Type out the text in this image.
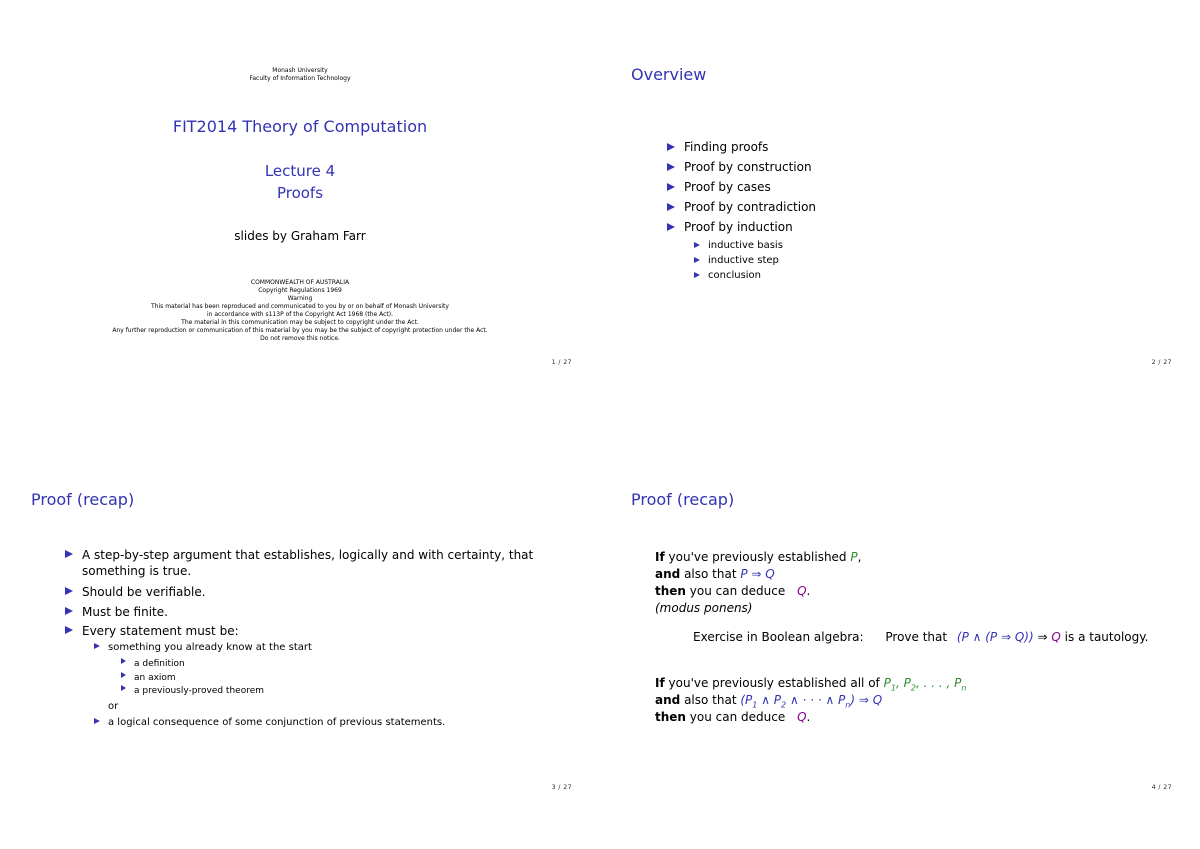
Monash University
Faculty of Information Technology
FIT2014 Theory of Computation
Lecture 4
Proofs
slides by Graham Farr
COMMONWEALTH OF AUSTRALIA
Copyright Regulations 1969
Warning
This material has been reproduced and communicated to you by or on behalf of Monash University
in accordance with s113P of the Copyright Act 1968 (the Act).
The material in this communication may be subject to copyright under the Act.
Any further reproduction or communication of this material by you may be the subject of copyright protection under the Act.
Do not remove this notice.
1 / 27
Overview
Finding proofs
Proof by construction
Proof by cases
Proof by contradiction
Proof by induction
inductive basis
inductive step
conclusion
2 / 27
Proof (recap)
A step-by-step argument that establishes, logically and with certainty, that
something is true.
Should be verifiable.
Must be finite.
Every statement must be:
something you already know at the start
a definition
an axiom
a previously-proved theorem
or
a logical consequence of some conjunction of previous statements.
3 / 27
Proof (recap)
If you've previously established P,
and also that P ⇒ Q
then you can deduce Q.
(modus ponens)
Exercise in Boolean algebra: Prove that (P ∧ (P ⇒ Q)) ⇒ Q is a tautology.
If you've previously established all of $P_1$, $P_2$, . . . , $P_n$
and also that ($P_1$ ∧ $P_2$ ∧ · · · ∧ $P_n$) ⇒ Q
then you can deduce Q.
4 / 27
